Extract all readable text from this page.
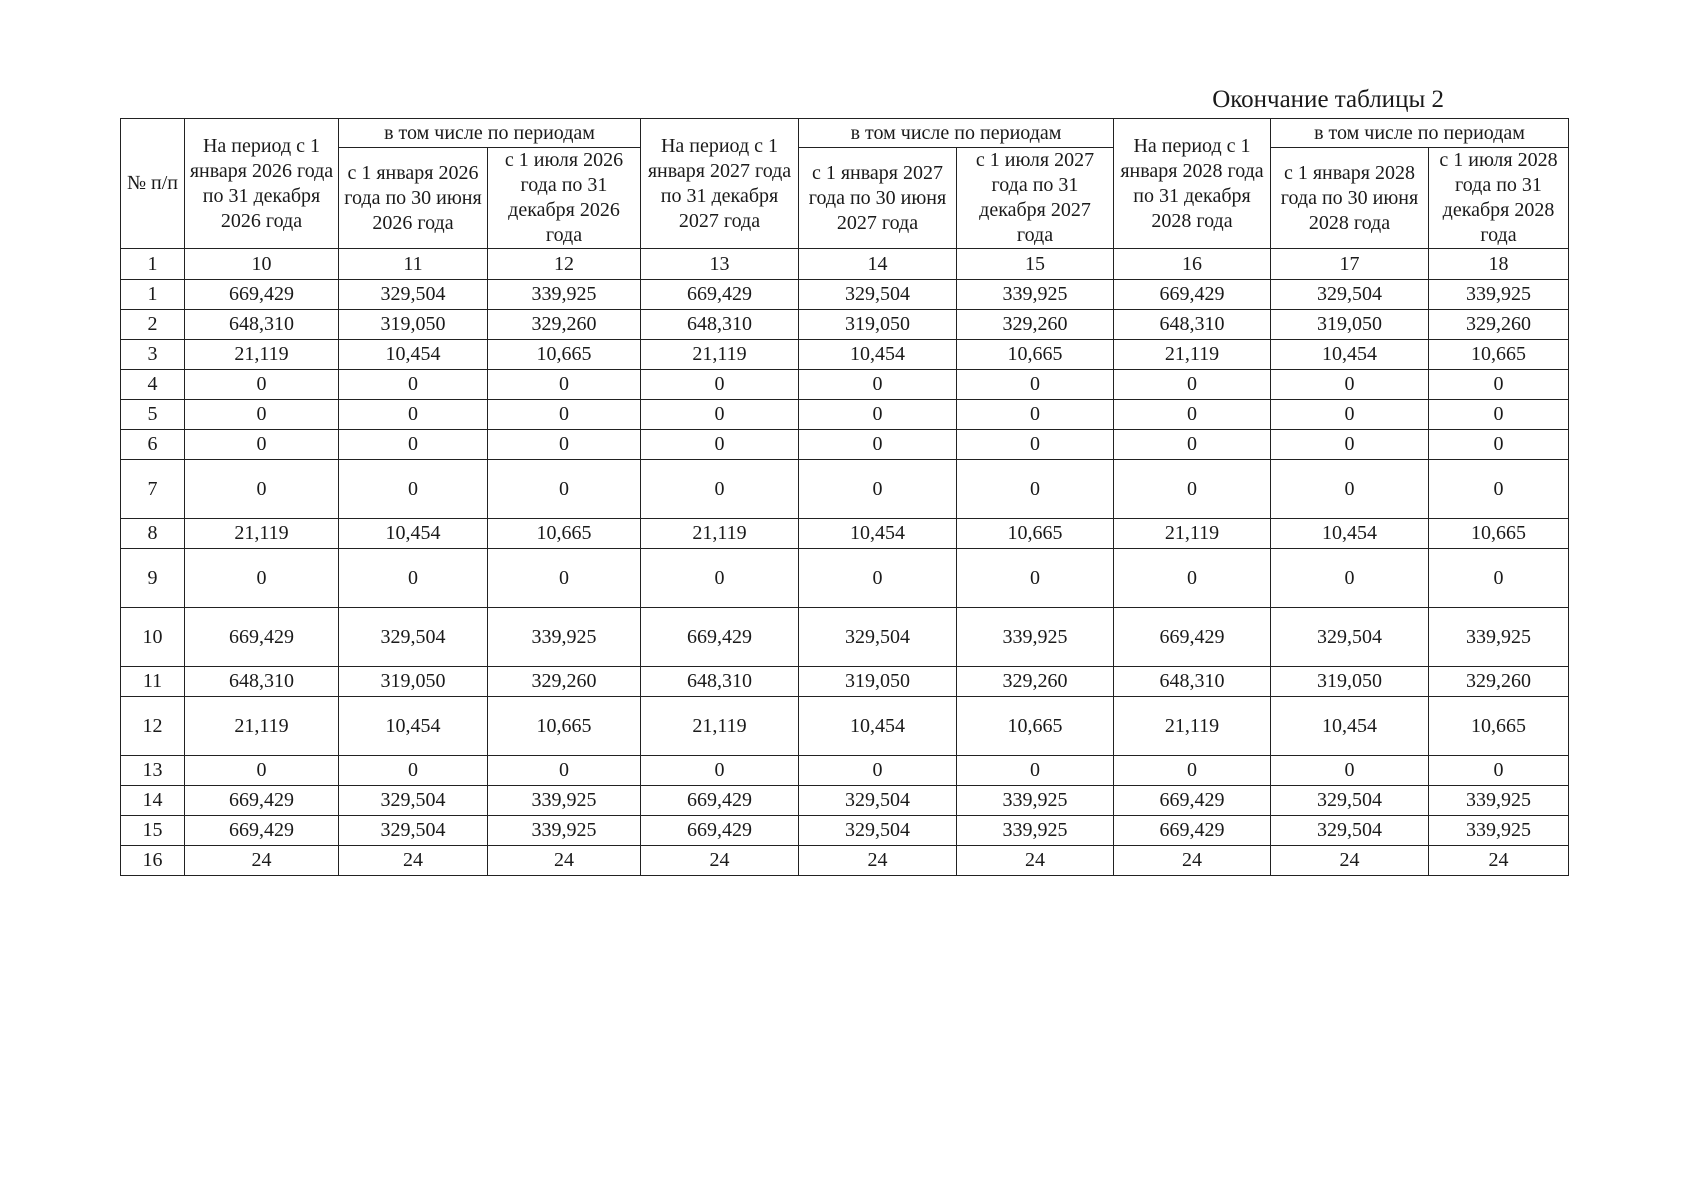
Окончание таблицы 2
№ п/п	На период с 1 января 2026 года по 31 декабря 2026 года	в том числе по периодам		На период с 1 января 2027 года по 31 декабря 2027 года	в том числе по периодам		На период с 1 января 2028 года по 31 декабря 2028 года	в том числе по периодам	
		с 1 января 2026 года по 30 июня 2026 года	с 1 июля 2026 года по 31 декабря 2026 года		с 1 января 2027 года по 30 июня 2027 года	с 1 июля 2027 года по 31 декабря 2027 года		с 1 января 2028 года по 30 июня 2028 года	с 1 июля 2028 года по 31 декабря 2028 года
1	10	11	12	13	14	15	16	17	18
1	669,429	329,504	339,925	669,429	329,504	339,925	669,429	329,504	339,925
2	648,310	319,050	329,260	648,310	319,050	329,260	648,310	319,050	329,260
3	21,119	10,454	10,665	21,119	10,454	10,665	21,119	10,454	10,665
4	0	0	0	0	0	0	0	0	0
5	0	0	0	0	0	0	0	0	0
6	0	0	0	0	0	0	0	0	0
7	0	0	0	0	0	0	0	0	0
8	21,119	10,454	10,665	21,119	10,454	10,665	21,119	10,454	10,665
9	0	0	0	0	0	0	0	0	0
10	669,429	329,504	339,925	669,429	329,504	339,925	669,429	329,504	339,925
11	648,310	319,050	329,260	648,310	319,050	329,260	648,310	319,050	329,260
12	21,119	10,454	10,665	21,119	10,454	10,665	21,119	10,454	10,665
13	0	0	0	0	0	0	0	0	0
14	669,429	329,504	339,925	669,429	329,504	339,925	669,429	329,504	339,925
15	669,429	329,504	339,925	669,429	329,504	339,925	669,429	329,504	339,925
16	24	24	24	24	24	24	24	24	24
